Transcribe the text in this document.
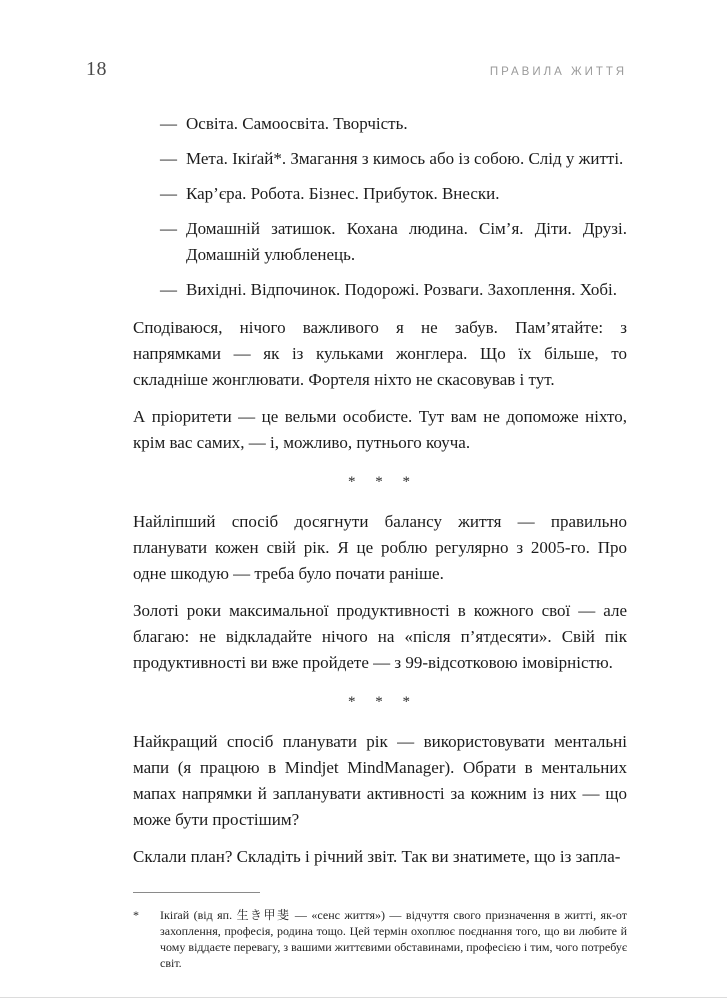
18	ПРАВИЛА ЖИТТЯ
— Освіта. Самоосвіта. Творчість.
— Мета. Ікіґай*. Змагання з кимось або із собою. Слід у житті.
— Кар’єра. Робота. Бізнес. Прибуток. Внески.
— Домашній затишок. Кохана людина. Сім’я. Діти. Друзі. Домашній улюбленець.
— Вихідні. Відпочинок. Подорожі. Розваги. Захоплення. Хобі.

Сподіваюся, нічого важливого я не забув. Пам’ятайте: з напрямками — як із кульками жонглера. Що їх більше, то складніше жонглювати. Фортеля ніхто не скасовував і тут.

А пріоритети — це вельми особисте. Тут вам не допоможе ніхто, крім вас самих, — і, можливо, путнього коуча.

* * *

Найліпший спосіб досягнути балансу життя — правильно планувати кожен свій рік. Я це роблю регулярно з 2005-го. Про одне шкодую — треба було почати раніше.

Золоті роки максимальної продуктивності в кожного свої — але благаю: не відкладайте нічого на «після п’ятдесяти». Свій пік продуктивності ви вже пройдете — з 99-відсотковою імовірністю.

* * *

Найкращий спосіб планувати рік — використовувати ментальні мапи (я працюю в Mindjet MindManager). Обрати в ментальних мапах напрямки й запланувати активності за кожним із них — що може бути простішим?

Склали план? Складіть і річний звіт. Так ви знатимете, що із запла-

*	Ікіґай (від яп. 生き甲斐 — «сенс життя») — відчуття свого призначення в житті, як-от захоплення, професія, родина тощо. Цей термін охоплює поєднання того, що ви любите й чому віддаєте перевагу, з вашими життєвими обставинами, професією і тим, чого потребує світ.
